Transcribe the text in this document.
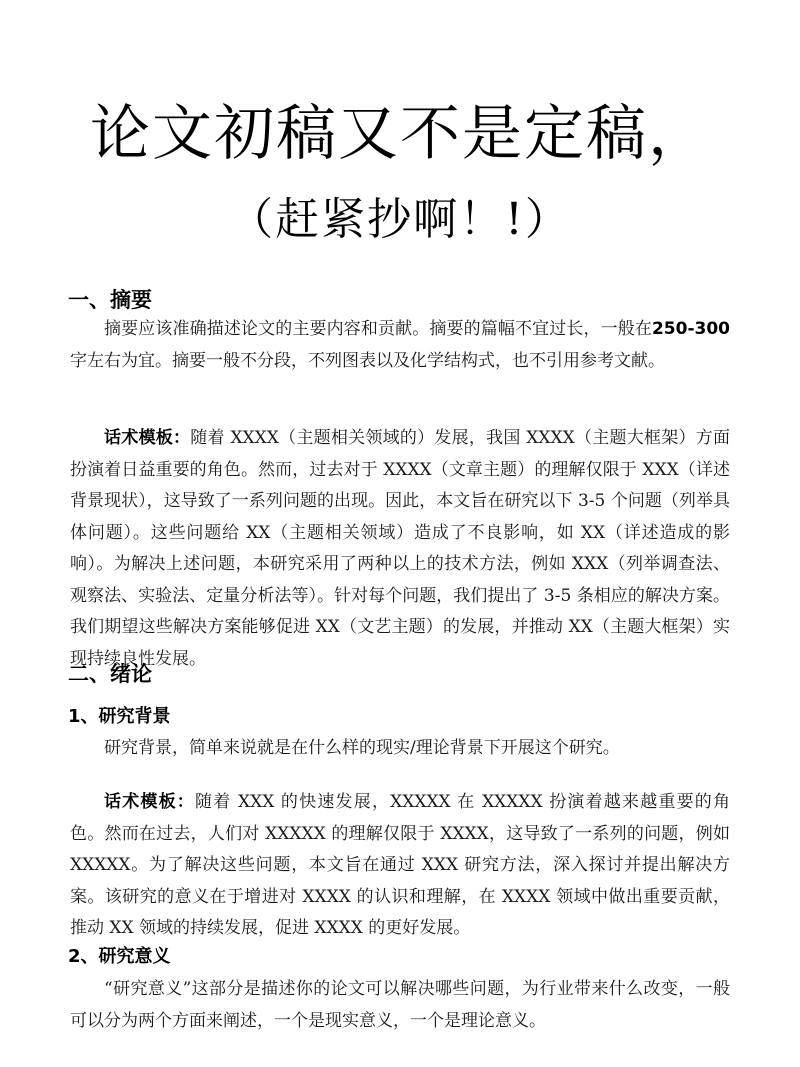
论文初稿又不是定稿，
（赶紧抄啊！!）
一、摘要

摘要应该准确描述论文的主要内容和贡献。摘要的篇幅不宜过长，一般在250-300 字左右为宜。摘要一般不分段，不列图表以及化学结构式，也不引用参考文献。

话术模板：随着 XXXX（主题相关领域的）发展，我国 XXXX（主题大框架）方面扮演着日益重要的角色。然而，过去对于 XXXX（文章主题）的理解仅限于 XXX（详述背景现状），这导致了一系列问题的出现。因此，本文旨在研究以下 3-5 个问题（列举具体问题）。这些问题给 XX（主题相关领域）造成了不良影响，如 XX（详述造成的影响）。为解决上述问题，本研究采用了两种以上的技术方法，例如 XXX（列举调查法、观察法、实验法、定量分析法等）。针对每个问题，我们提出了 3-5 条相应的解决方案。我们期望这些解决方案能够促进 XX（文艺主题）的发展，并推动 XX（主题大框架）实现持续良性发展。

二、绪论
1、研究背景

研究背景，简单来说就是在什么样的现实/理论背景下开展这个研究。

话术模板：随着 XXX 的快速发展，XXXXX 在 XXXXX 扮演着越来越重要的角色。然而在过去，人们对 XXXXX 的理解仅限于 XXXX，这导致了一系列的问题，例如 XXXXX。为了解决这些问题，本文旨在通过 XXX 研究方法，深入探讨并提出解决方案。该研究的意义在于增进对 XXXX 的认识和理解，在 XXXX 领域中做出重要贡献，推动 XX 领域的持续发展，促进 XXXX 的更好发展。

2、研究意义

“研究意义”这部分是描述你的论文可以解决哪些问题，为行业带来什么改变，一般可以分为两个方面来阐述，一个是现实意义，一个是理论意义。
